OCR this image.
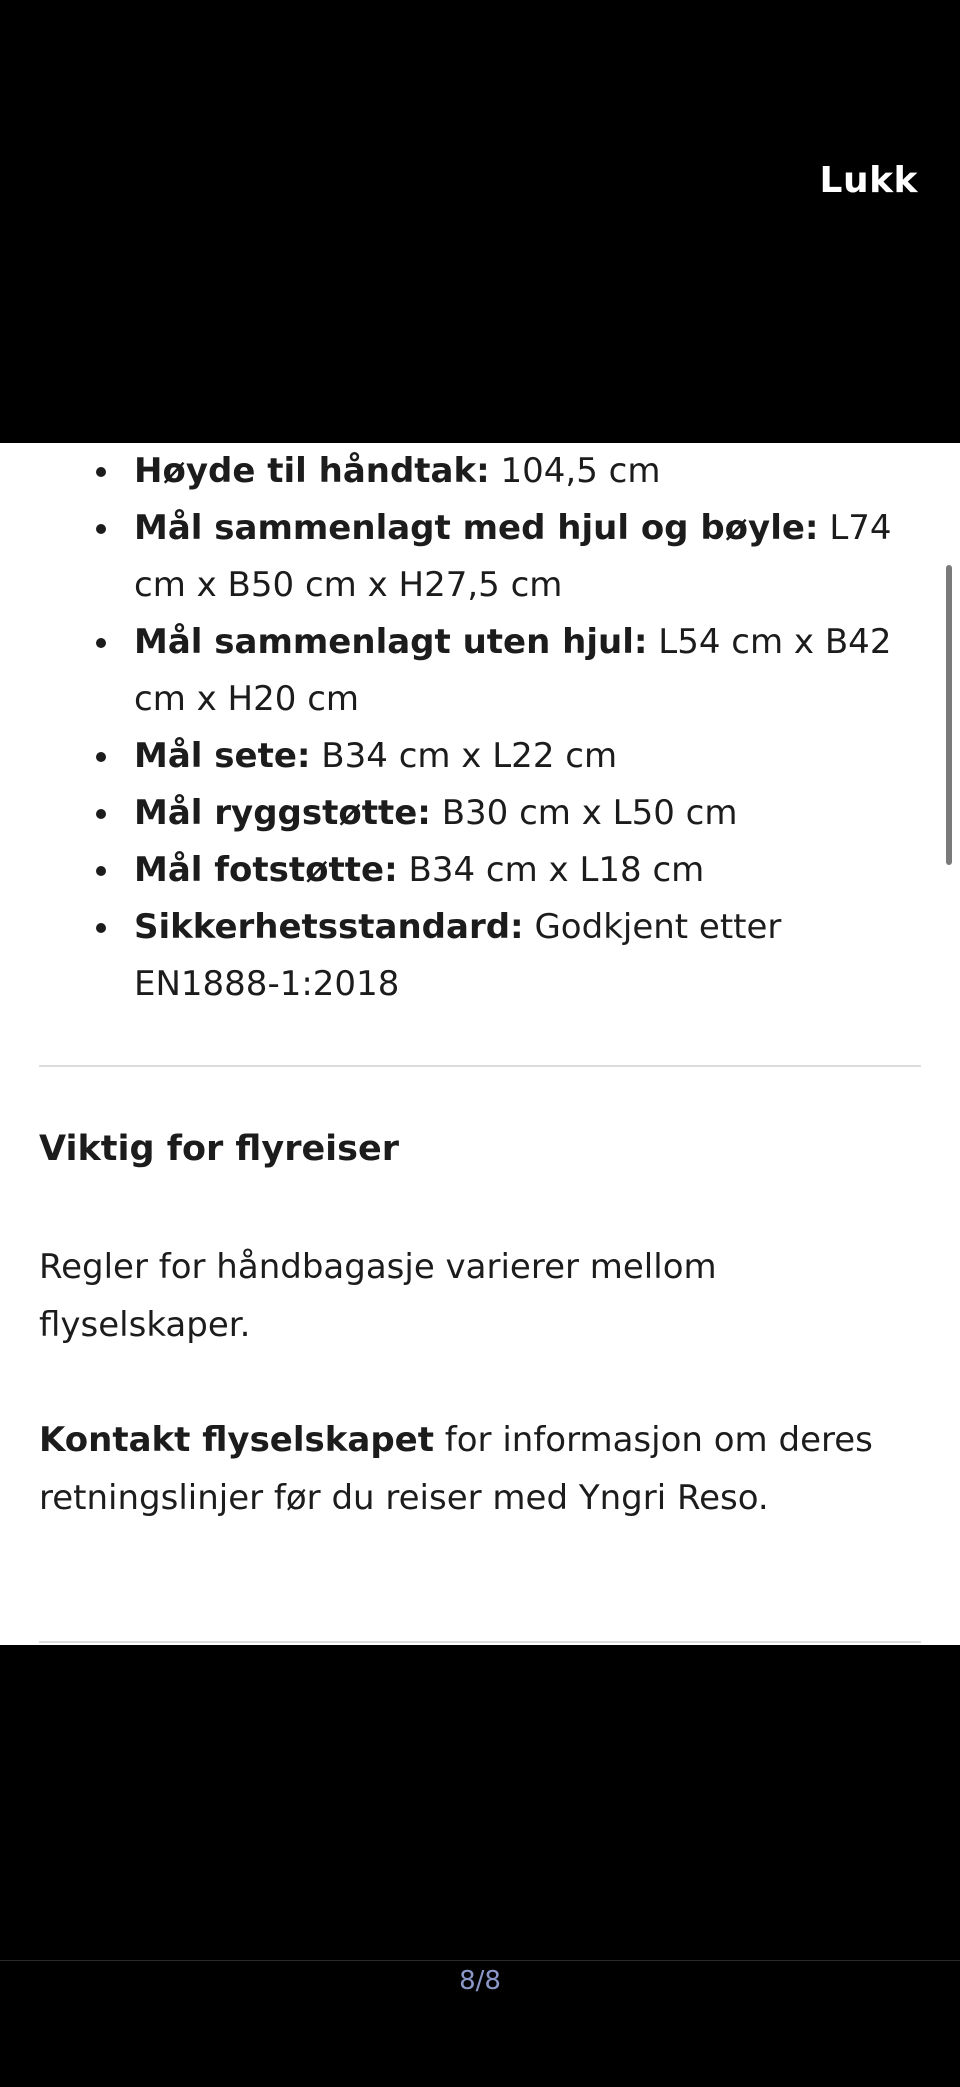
Lukk
Høyde til håndtak: 104,5 cm
Mål sammenlagt med hjul og bøyle: L74 cm x B50 cm x H27,5 cm
Mål sammenlagt uten hjul: L54 cm x B42 cm x H20 cm
Mål sete: B34 cm x L22 cm
Mål ryggstøtte: B30 cm x L50 cm
Mål fotstøtte: B34 cm x L18 cm
Sikkerhetsstandard: Godkjent etter EN1888-1:2018
Viktig for flyreiser

Regler for håndbagasje varierer mellom flyselskaper.

Kontakt flyselskapet for informasjon om deres retningslinjer før du reiser med Yngri Reso.

8/8
